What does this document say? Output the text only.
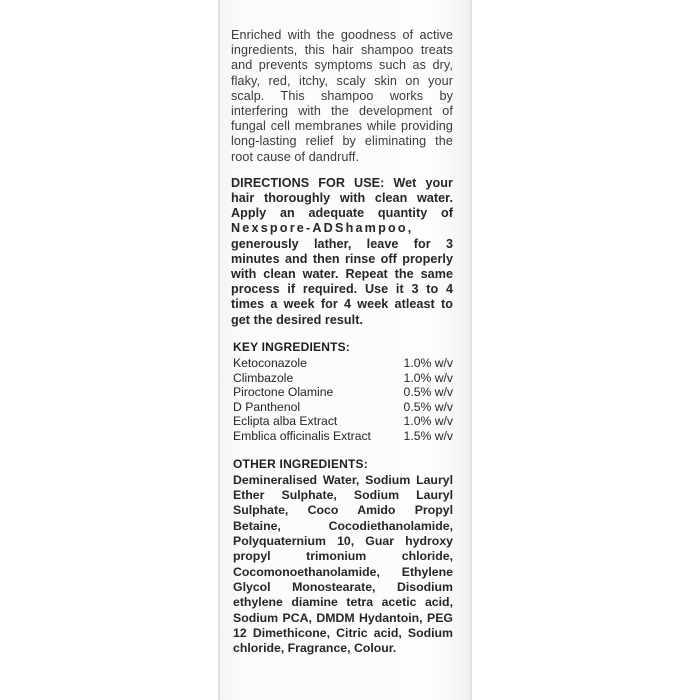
Enriched with the goodness of active ingredients, this hair shampoo treats and prevents symptoms such as dry, flaky, red, itchy, scaly skin on your scalp. This shampoo works by interfering with the development of fungal cell membranes while providing long-lasting relief by eliminating the root cause of dandruff.

DIRECTIONS FOR USE: Wet your hair thoroughly with clean water. Apply an adequate quantity of Nexspore-ADShampoo, generously lather, leave for 3 minutes and then rinse off properly with clean water. Repeat the same process if required. Use it 3 to 4 times a week for 4 week atleast to get the desired result.

KEY INGREDIENTS:
Ketoconazole	1.0% w/v
Climbazole	1.0% w/v
Piroctone Olamine	0.5% w/v
D Panthenol	0.5% w/v
Eclipta alba Extract	1.0% w/v
Emblica officinalis Extract	1.5% w/v
OTHER INGREDIENTS:

Demineralised Water, Sodium Lauryl Ether Sulphate, Sodium Lauryl Sulphate, Coco Amido Propyl Betaine, Cocodiethanolamide, Polyquaternium 10, Guar hydroxy propyl trimonium chloride, Cocomonoethanolamide, Ethylene Glycol Monostearate, Disodium ethylene diamine tetra acetic acid, Sodium PCA, DMDM Hydantoin, PEG 12 Dimethicone, Citric acid, Sodium chloride, Fragrance, Colour.
